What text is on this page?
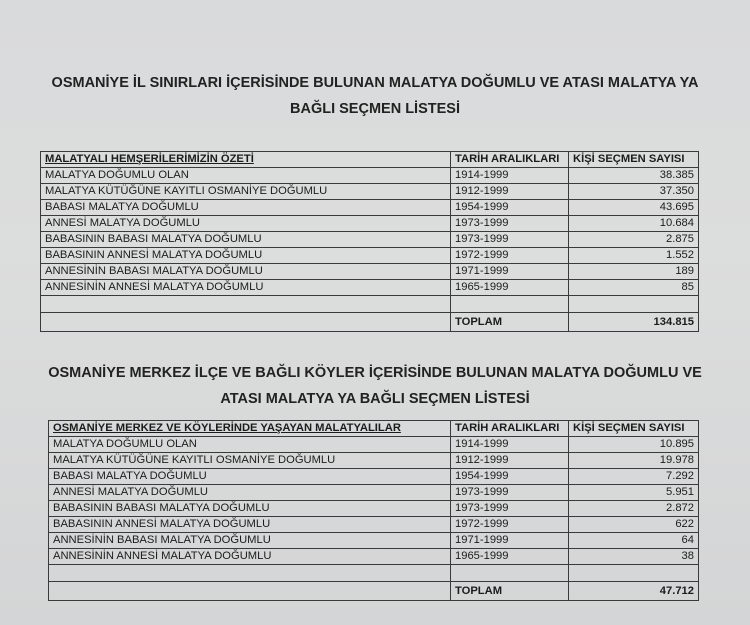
OSMANİYE İL SINIRLARI İÇERİSİNDE BULUNAN MALATYA DOĞUMLU VE ATASI MALATYA YA
BAĞLI SEÇMEN LİSTESİ
MALATYALI HEMŞERİLERİMİZİN ÖZETİ	TARİH ARALIKLARI	KİŞİ SEÇMEN SAYISI
MALATYA DOĞUMLU OLAN	1914-1999	38.385
MALATYA KÜTÜĞÜNE KAYITLI OSMANİYE DOĞUMLU	1912-1999	37.350
BABASI MALATYA DOĞUMLU	1954-1999	43.695
ANNESİ MALATYA DOĞUMLU	1973-1999	10.684
BABASININ BABASI MALATYA DOĞUMLU	1973-1999	2.875
BABASININ ANNESİ MALATYA DOĞUMLU	1972-1999	1.552
ANNESİNİN BABASI MALATYA DOĞUMLU	1971-1999	189
ANNESİNİN ANNESİ MALATYA DOĞUMLU	1965-1999	85

	TOPLAM	134.815
OSMANİYE MERKEZ İLÇE VE BAĞLI KÖYLER İÇERİSİNDE BULUNAN MALATYA DOĞUMLU VE
ATASI MALATYA YA BAĞLI SEÇMEN LİSTESİ
OSMANİYE MERKEZ VE KÖYLERİNDE YAŞAYAN MALATYALILAR	TARİH ARALIKLARI	KİŞİ SEÇMEN SAYISI
MALATYA DOĞUMLU OLAN	1914-1999	10.895
MALATYA KÜTÜĞÜNE KAYITLI OSMANİYE DOĞUMLU	1912-1999	19.978
BABASI MALATYA DOĞUMLU	1954-1999	7.292
ANNESİ MALATYA DOĞUMLU	1973-1999	5.951
BABASININ BABASI MALATYA DOĞUMLU	1973-1999	2.872
BABASININ ANNESİ MALATYA DOĞUMLU	1972-1999	622
ANNESİNİN BABASI MALATYA DOĞUMLU	1971-1999	64
ANNESİNİN ANNESİ MALATYA DOĞUMLU	1965-1999	38

	TOPLAM	47.712
